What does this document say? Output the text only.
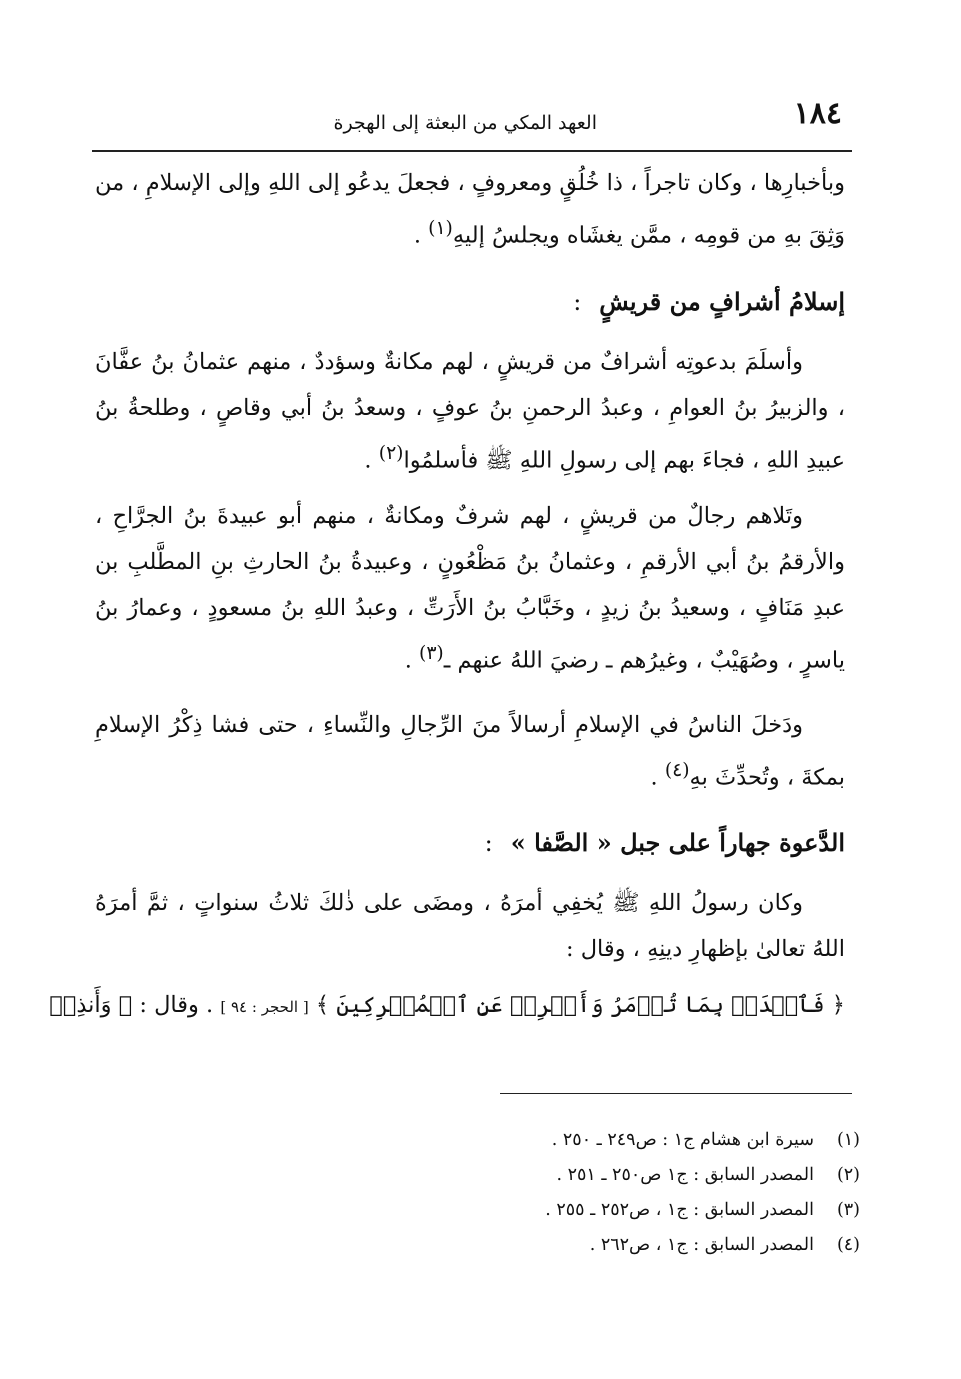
١٨٤
العهد المكي من البعثة إلى الهجرة

وبأخبارِها ، وكان تاجراً ، ذا خُلُقٍ ومعروفٍ ، فجعلَ يدعُو إلى اللهِ وإلى الإسلامِ ، من وَثِقَ بهِ من قومِه ، ممَّن يغشَاه ويجلسُ إليهِ$^{(١)}$ .

إسلامُ أشرافٍ من قريشٍ:

وأسلَمَ بدعوتِه أشرافٌ من قريشٍ ، لهم مكانةٌ وسؤددٌ ، منهم عثمانُ بنُ عفَّانَ ، والزبيرُ بنُ العوامِ ، وعبدُ الرحمنِ بنُ عوفٍ ، وسعدُ بنُ أبي وقاصٍ ، وطلحةُ بنُ عبيدِ اللهِ ، فجاءَ بهم إلى رسولِ اللهِ ﷺ فأسلمُوا$^{(٢)}$ .

وتَلاهم رجالٌ من قريشٍ ، لهم شرفٌ ومكانةٌ ، منهم أبو عبيدةَ بنُ الجرَّاحِ ، والأرقمُ بنُ أبي الأرقمِ ، وعثمانُ بنُ مَظْعُونٍ ، وعبيدةُ بنُ الحارثِ بنِ المطَّلبِ بن عبدِ مَنَافٍ ، وسعيدُ بنُ زيدٍ ، وخَبَّابُ بنُ الأَرَتِّ ، وعبدُ اللهِ بنُ مسعودٍ ، وعمارُ بنُ ياسرٍ ، وصُهَيْبٌ ، وغيرُهم ـ رضيَ اللهُ عنهم ـ$^{(٣)}$ .

ودَخلَ الناسُ في الإسلامِ أرسالاً منَ الرِّجالِ والنِّساءِ ، حتى فشا ذِكْرُ الإسلامِ بمكةَ ، وتُحدِّثَ بهِ$^{(٤)}$ .

الدَّعوة جهاراً على جبل « الصَّفا »:

وكان رسولُ اللهِ ﷺ يُخفِي أمرَهُ ، ومضَى على ذٰلكَ ثلاثُ سنواتٍ ، ثمَّ أمرَهُ اللهُ تعالىٰ بإظهارِ دينِهِ ، وقال :

﴿ فَٱصۡدَعۡ بِمَا تُؤۡمَرُ وَأَعۡرِضۡ عَنِ ٱلۡمُشۡرِكِينَ ﴾ [ الحجر : ٩٤ ] . وقال : ﴿ وَأَنذِرۡ

(١)سيرة ابن هشام ج١ : ص٢٤٩ ـ ٢٥٠ .
(٢)المصدر السابق : ج١ ص٢٥٠ ـ ٢٥١ .
(٣)المصدر السابق : ج١ ، ص٢٥٢ ـ ٢٥٥ .
(٤)المصدر السابق : ج١ ، ص٢٦٢ .
